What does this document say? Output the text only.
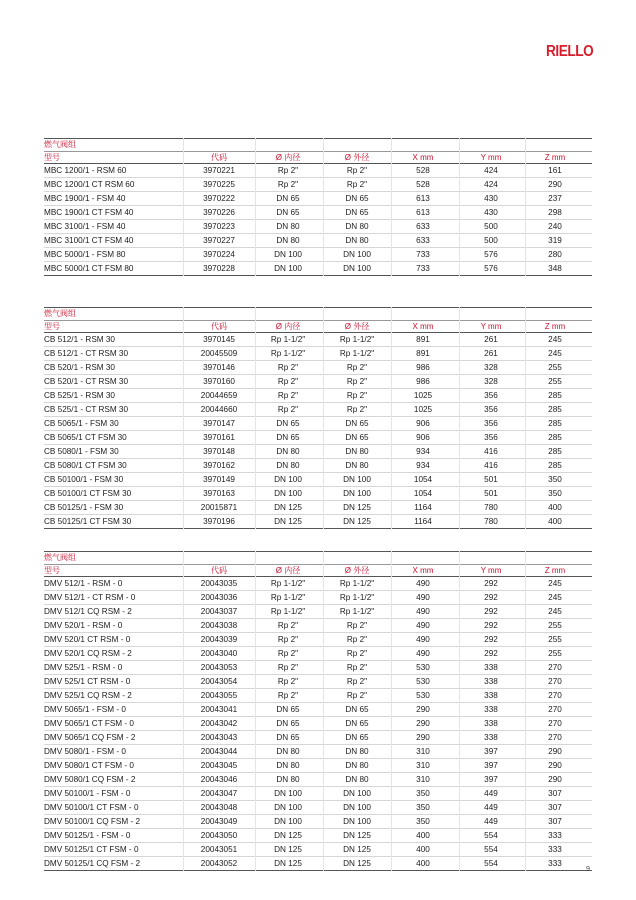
RIELLO
燃气阀组
型号	代码	Ø 内径	Ø 外径	X mm	Y mm	Z mm
MBC 1200/1 - RSM 60	3970221	Rp 2"	Rp 2"	528	424	161
MBC 1200/1 CT RSM 60	3970225	Rp 2"	Rp 2"	528	424	290
MBC 1900/1 - FSM 40	3970222	DN 65	DN 65	613	430	237
MBC 1900/1 CT FSM 40	3970226	DN 65	DN 65	613	430	298
MBC 3100/1 - FSM 40	3970223	DN 80	DN 80	633	500	240
MBC 3100/1 CT FSM 40	3970227	DN 80	DN 80	633	500	319
MBC 5000/1 - FSM 80	3970224	DN 100	DN 100	733	576	280
MBC 5000/1 CT FSM 80	3970228	DN 100	DN 100	733	576	348
燃气阀组
型号	代码	Ø 内径	Ø 外径	X mm	Y mm	Z mm
CB 512/1 - RSM 30	3970145	Rp 1-1/2"	Rp 1-1/2"	891	261	245
CB 512/1 - CT RSM 30	20045509	Rp 1-1/2"	Rp 1-1/2"	891	261	245
CB 520/1 - RSM 30	3970146	Rp 2"	Rp 2"	986	328	255
CB 520/1 - CT RSM 30	3970160	Rp 2"	Rp 2"	986	328	255
CB 525/1 - RSM 30	20044659	Rp 2"	Rp 2"	1025	356	285
CB 525/1 - CT RSM 30	20044660	Rp 2"	Rp 2"	1025	356	285
CB 5065/1 - FSM 30	3970147	DN 65	DN 65	906	356	285
CB 5065/1 CT FSM 30	3970161	DN 65	DN 65	906	356	285
CB 5080/1 - FSM 30	3970148	DN 80	DN 80	934	416	285
CB 5080/1 CT FSM 30	3970162	DN 80	DN 80	934	416	285
CB 50100/1 - FSM 30	3970149	DN 100	DN 100	1054	501	350
CB 50100/1 CT FSM 30	3970163	DN 100	DN 100	1054	501	350
CB 50125/1 - FSM 30	20015871	DN 125	DN 125	1164	780	400
CB 50125/1 CT FSM 30	3970196	DN 125	DN 125	1164	780	400
燃气阀组
型号	代码	Ø 内径	Ø 外径	X mm	Y mm	Z mm
DMV 512/1 - RSM - 0	20043035	Rp 1-1/2"	Rp 1-1/2"	490	292	245
DMV 512/1 - CT RSM - 0	20043036	Rp 1-1/2"	Rp 1-1/2"	490	292	245
DMV 512/1 CQ RSM - 2	20043037	Rp 1-1/2"	Rp 1-1/2"	490	292	245
DMV 520/1 - RSM - 0	20043038	Rp 2"	Rp 2"	490	292	255
DMV 520/1 CT RSM - 0	20043039	Rp 2"	Rp 2"	490	292	255
DMV 520/1 CQ RSM - 2	20043040	Rp 2"	Rp 2"	490	292	255
DMV 525/1 - RSM - 0	20043053	Rp 2"	Rp 2"	530	338	270
DMV 525/1 CT RSM - 0	20043054	Rp 2"	Rp 2"	530	338	270
DMV 525/1 CQ RSM - 2	20043055	Rp 2"	Rp 2"	530	338	270
DMV 5065/1 - FSM - 0	20043041	DN 65	DN 65	290	338	270
DMV 5065/1 CT FSM - 0	20043042	DN 65	DN 65	290	338	270
DMV 5065/1 CQ FSM - 2	20043043	DN 65	DN 65	290	338	270
DMV 5080/1 - FSM - 0	20043044	DN 80	DN 80	310	397	290
DMV 5080/1 CT FSM - 0	20043045	DN 80	DN 80	310	397	290
DMV 5080/1 CQ FSM - 2	20043046	DN 80	DN 80	310	397	290
DMV 50100/1 - FSM - 0	20043047	DN 100	DN 100	350	449	307
DMV 50100/1 CT FSM - 0	20043048	DN 100	DN 100	350	449	307
DMV 50100/1 CQ FSM - 2	20043049	DN 100	DN 100	350	449	307
DMV 50125/1 - FSM - 0	20043050	DN 125	DN 125	400	554	333
DMV 50125/1 CT FSM - 0	20043051	DN 125	DN 125	400	554	333
DMV 50125/1 CQ FSM - 2	20043052	DN 125	DN 125	400	554	333
9
